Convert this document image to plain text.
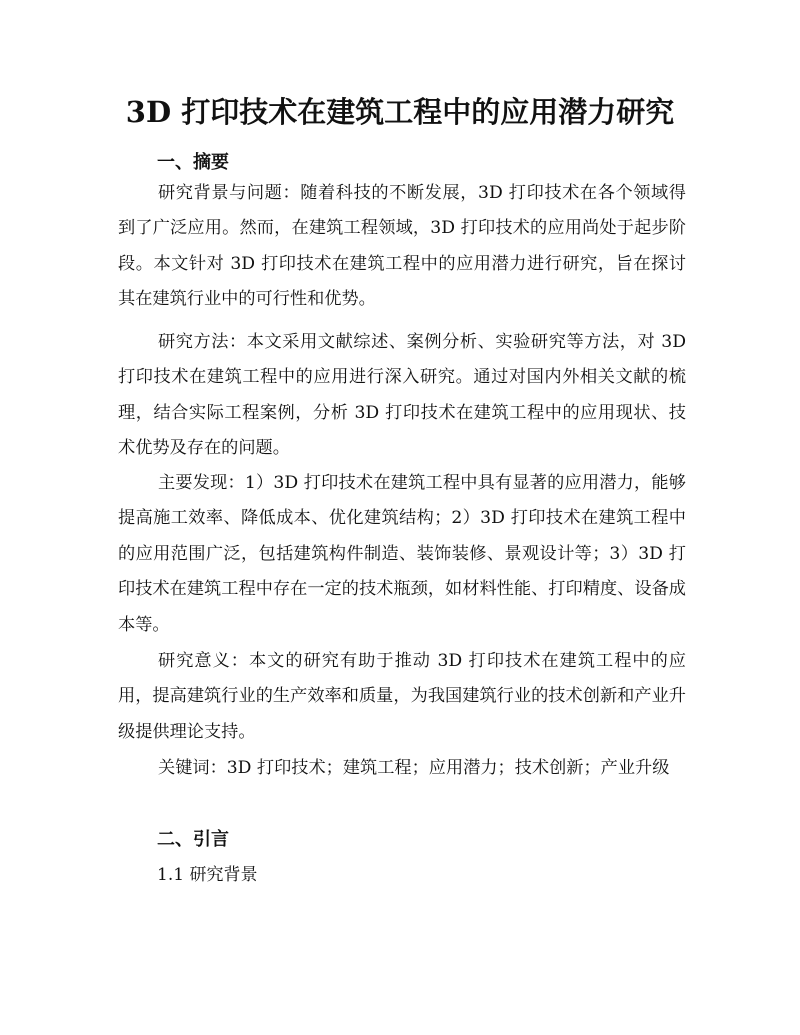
3D 打印技术在建筑工程中的应用潜力研究
一、摘要

研究背景与问题：随着科技的不断发展，3D 打印技术在各个领域得到了广泛应用。然而，在建筑工程领域，3D 打印技术的应用尚处于起步阶段。本文针对 3D 打印技术在建筑工程中的应用潜力进行研究，旨在探讨其在建筑行业中的可行性和优势。

研究方法：本文采用文献综述、案例分析、实验研究等方法，对 3D 打印技术在建筑工程中的应用进行深入研究。通过对国内外相关文献的梳理，结合实际工程案例，分析 3D 打印技术在建筑工程中的应用现状、技术优势及存在的问题。

主要发现：1）3D 打印技术在建筑工程中具有显著的应用潜力，能够提高施工效率、降低成本、优化建筑结构；2）3D 打印技术在建筑工程中的应用范围广泛，包括建筑构件制造、装饰装修、景观设计等；3）3D 打印技术在建筑工程中存在一定的技术瓶颈，如材料性能、打印精度、设备成本等。

研究意义：本文的研究有助于推动 3D 打印技术在建筑工程中的应用，提高建筑行业的生产效率和质量，为我国建筑行业的技术创新和产业升级提供理论支持。

关键词：3D 打印技术；建筑工程；应用潜力；技术创新；产业升级

二、引言

1.1 研究背景
